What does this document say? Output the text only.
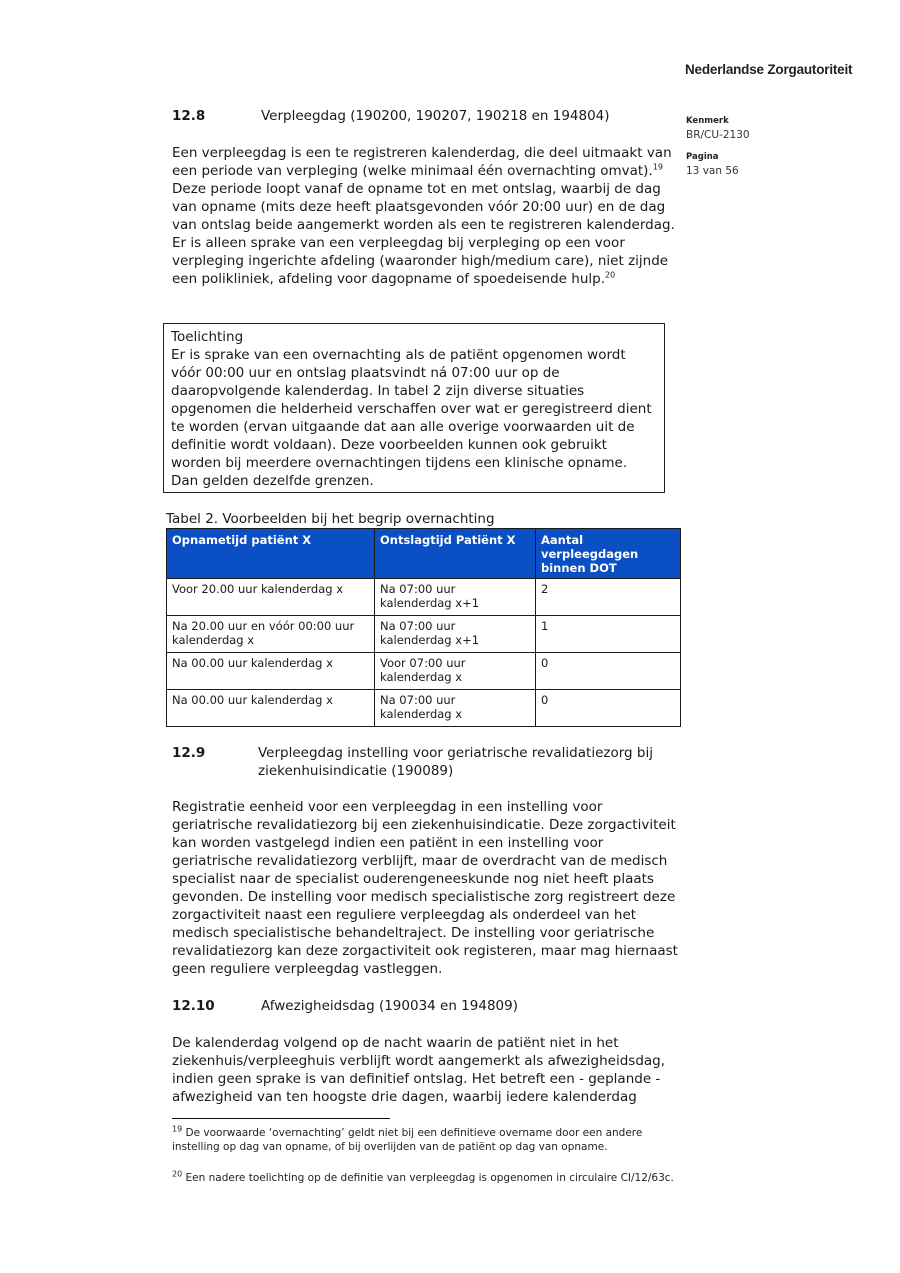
Nederlandse Zorgautoriteit
Kenmerk
BR/CU-2130
Pagina
13 van 56
12.8	Verpleegdag (190200, 190207, 190218 en 194804)
Een verpleegdag is een te registreren kalenderdag, die deel uitmaakt van een periode van verpleging (welke minimaal één overnachting omvat).$^{19}$ Deze periode loopt vanaf de opname tot en met ontslag, waarbij de dag van opname (mits deze heeft plaatsgevonden vóór 20:00 uur) en de dag van ontslag beide aangemerkt worden als een te registreren kalenderdag. Er is alleen sprake van een verpleegdag bij verpleging op een voor verpleging ingerichte afdeling (waaronder high/medium care), niet zijnde een polikliniek, afdeling voor dagopname of spoedeisende hulp.$^{20}$
Toelichting
Er is sprake van een overnachting als de patiënt opgenomen wordt vóór 00:00 uur en ontslag plaatsvindt ná 07:00 uur op de daaropvolgende kalenderdag. In tabel 2 zijn diverse situaties opgenomen die helderheid verschaffen over wat er geregistreerd dient te worden (ervan uitgaande dat aan alle overige voorwaarden uit de definitie wordt voldaan). Deze voorbeelden kunnen ook gebruikt worden bij meerdere overnachtingen tijdens een klinische opname. Dan gelden dezelfde grenzen.
Tabel 2. Voorbeelden bij het begrip overnachting
Opnametijd patiënt X	Ontslagtijd Patiënt X	Aantal verpleegdagen binnen DOT
Voor 20.00 uur kalenderdag x	Na 07:00 uur kalenderdag x+1	2
Na 20.00 uur en vóór 00:00 uur kalenderdag x	Na 07:00 uur kalenderdag x+1	1
Na 00.00 uur kalenderdag x	Voor 07:00 uur kalenderdag x	0
Na 00.00 uur kalenderdag x	Na 07:00 uur kalenderdag x	0
12.9	Verpleegdag instelling voor geriatrische revalidatiezorg bij ziekenhuisindicatie (190089)
Registratie eenheid voor een verpleegdag in een instelling voor geriatrische revalidatiezorg bij een ziekenhuisindicatie. Deze zorgactiviteit kan worden vastgelegd indien een patiënt in een instelling voor geriatrische revalidatiezorg verblijft, maar de overdracht van de medisch specialist naar de specialist ouderengeneeskunde nog niet heeft plaats gevonden. De instelling voor medisch specialistische zorg registreert deze zorgactiviteit naast een reguliere verpleegdag als onderdeel van het medisch specialistische behandeltraject. De instelling voor geriatrische revalidatiezorg kan deze zorgactiviteit ook registeren, maar mag hiernaast geen reguliere verpleegdag vastleggen.
12.10	Afwezigheidsdag (190034 en 194809)
De kalenderdag volgend op de nacht waarin de patiënt niet in het ziekenhuis/verpleeghuis verblijft wordt aangemerkt als afwezigheidsdag, indien geen sprake is van definitief ontslag. Het betreft een - geplande - afwezigheid van ten hoogste drie dagen, waarbij iedere kalenderdag
$^{19}$ De voorwaarde ‘overnachting’ geldt niet bij een definitieve overname door een andere instelling op dag van opname, of bij overlijden van de patiënt op dag van opname.
$^{20}$ Een nadere toelichting op de definitie van verpleegdag is opgenomen in circulaire CI/12/63c.
